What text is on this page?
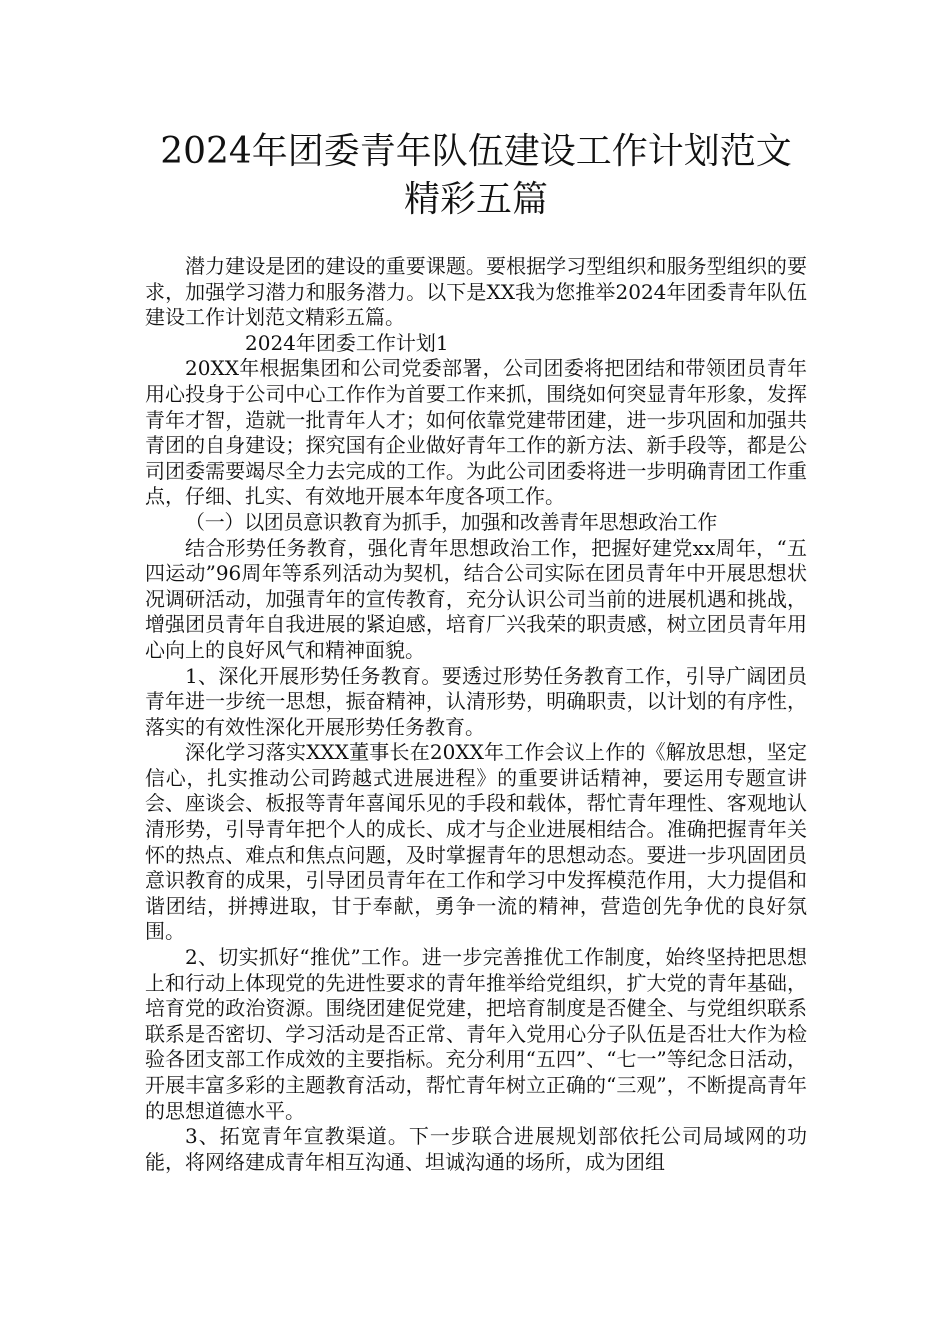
2024年团委青年队伍建设工作计划范文精彩五篇

潜力建设是团的建设的重要课题。要根据学习型组织和服务型组织的要求，加强学习潜力和服务潜力。以下是XX我为您推举2024年团委青年队伍建设工作计划范文精彩五篇。

2024年团委工作计划1

20XX年根据集团和公司党委部署，公司团委将把团结和带领团员青年用心投身于公司中心工作作为首要工作来抓，围绕如何突显青年形象，发挥青年才智，造就一批青年人才；如何依靠党建带团建，进一步巩固和加强共青团的自身建设；探究国有企业做好青年工作的新方法、新手段等，都是公司团委需要竭尽全力去完成的工作。为此公司团委将进一步明确青团工作重点，仔细、扎实、有效地开展本年度各项工作。

（一）以团员意识教育为抓手，加强和改善青年思想政治工作

结合形势任务教育，强化青年思想政治工作，把握好建党xx周年，“五四运动”96周年等系列活动为契机，结合公司实际在团员青年中开展思想状况调研活动，加强青年的宣传教育，充分认识公司当前的进展机遇和挑战，增强团员青年自我进展的紧迫感，培育厂兴我荣的职责感，树立团员青年用心向上的良好风气和精神面貌。

1、深化开展形势任务教育。要透过形势任务教育工作，引导广阔团员青年进一步统一思想，振奋精神，认清形势，明确职责，以计划的有序性，落实的有效性深化开展形势任务教育。

深化学习落实XXX董事长在20XX年工作会议上作的《解放思想，坚定信心，扎实推动公司跨越式进展进程》的重要讲话精神，要运用专题宣讲会、座谈会、板报等青年喜闻乐见的手段和载体，帮忙青年理性、客观地认清形势，引导青年把个人的成长、成才与企业进展相结合。准确把握青年关怀的热点、难点和焦点问题，及时掌握青年的思想动态。要进一步巩固团员意识教育的成果，引导团员青年在工作和学习中发挥模范作用，大力提倡和谐团结，拼搏进取，甘于奉献，勇争一流的精神，营造创先争优的良好氛围。

2、切实抓好“推优”工作。进一步完善推优工作制度，始终坚持把思想上和行动上体现党的先进性要求的青年推举给党组织，扩大党的青年基础，培育党的政治资源。围绕团建促党建，把培育制度是否健全、与党组织联系联系是否密切、学习活动是否正常、青年入党用心分子队伍是否壮大作为检验各团支部工作成效的主要指标。充分利用“五四”、“七一”等纪念日活动，开展丰富多彩的主题教育活动，帮忙青年树立正确的“三观”，不断提高青年的思想道德水平。

3、拓宽青年宣教渠道。下一步联合进展规划部依托公司局域网的功能，将网络建成青年相互沟通、坦诚沟通的场所，成为团组
